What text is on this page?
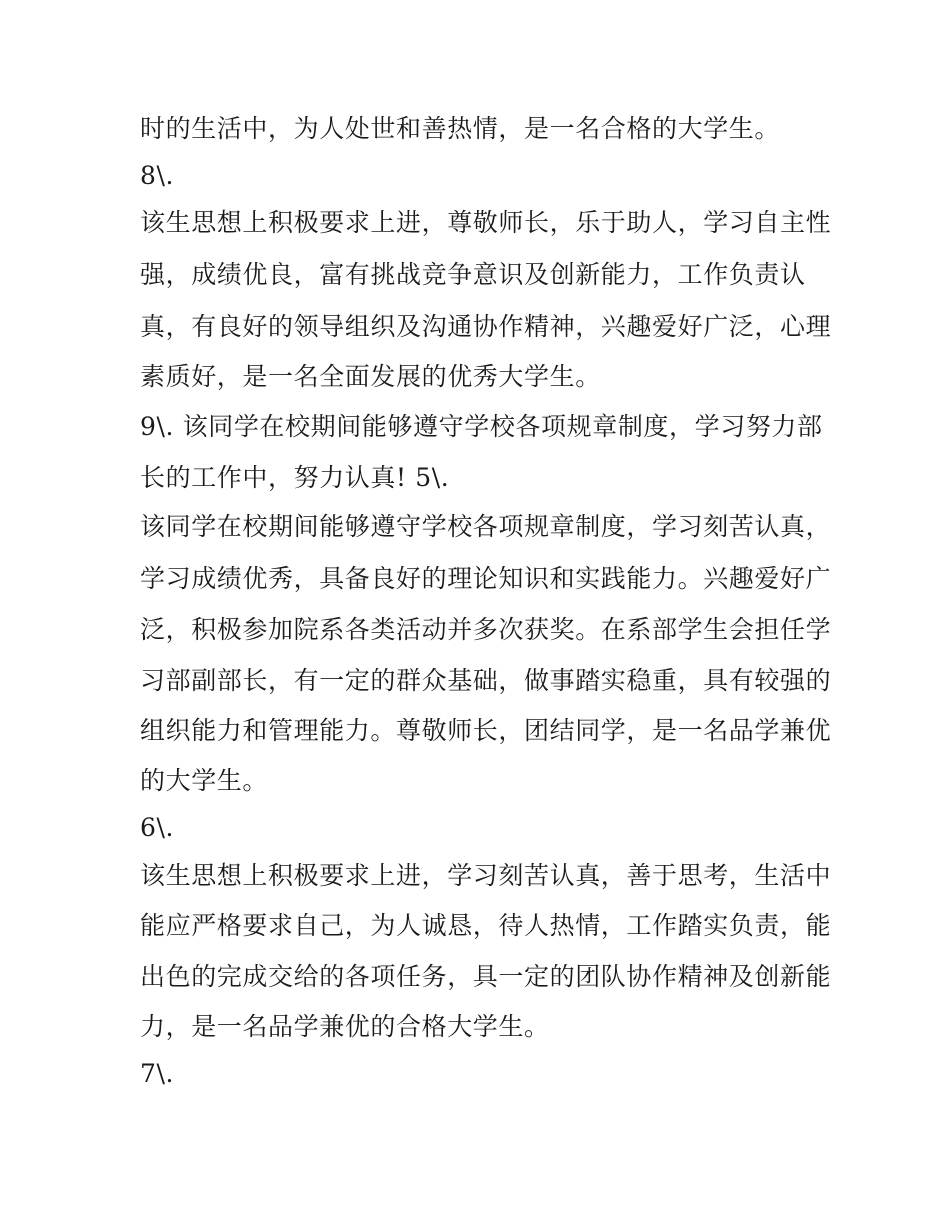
时的生活中，为人处世和善热情，是一名合格的大学生。
8\.
该生思想上积极要求上进，尊敬师长，乐于助人，学习自主性
强，成绩优良，富有挑战竞争意识及创新能力，工作负责认
真，有良好的领导组织及沟通协作精神，兴趣爱好广泛，心理
素质好，是一名全面发展的优秀大学生。
9\. 该同学在校期间能够遵守学校各项规章制度，学习努力部
长的工作中，努力认真! 5\.
该同学在校期间能够遵守学校各项规章制度，学习刻苦认真，
学习成绩优秀，具备良好的理论知识和实践能力。兴趣爱好广
泛，积极参加院系各类活动并多次获奖。在系部学生会担任学
习部副部长，有一定的群众基础，做事踏实稳重，具有较强的
组织能力和管理能力。尊敬师长，团结同学，是一名品学兼优
的大学生。
6\.
该生思想上积极要求上进，学习刻苦认真，善于思考，生活中
能应严格要求自己，为人诚恳，待人热情，工作踏实负责，能
出色的完成交给的各项任务，具一定的团队协作精神及创新能
力，是一名品学兼优的合格大学生。
7\.
